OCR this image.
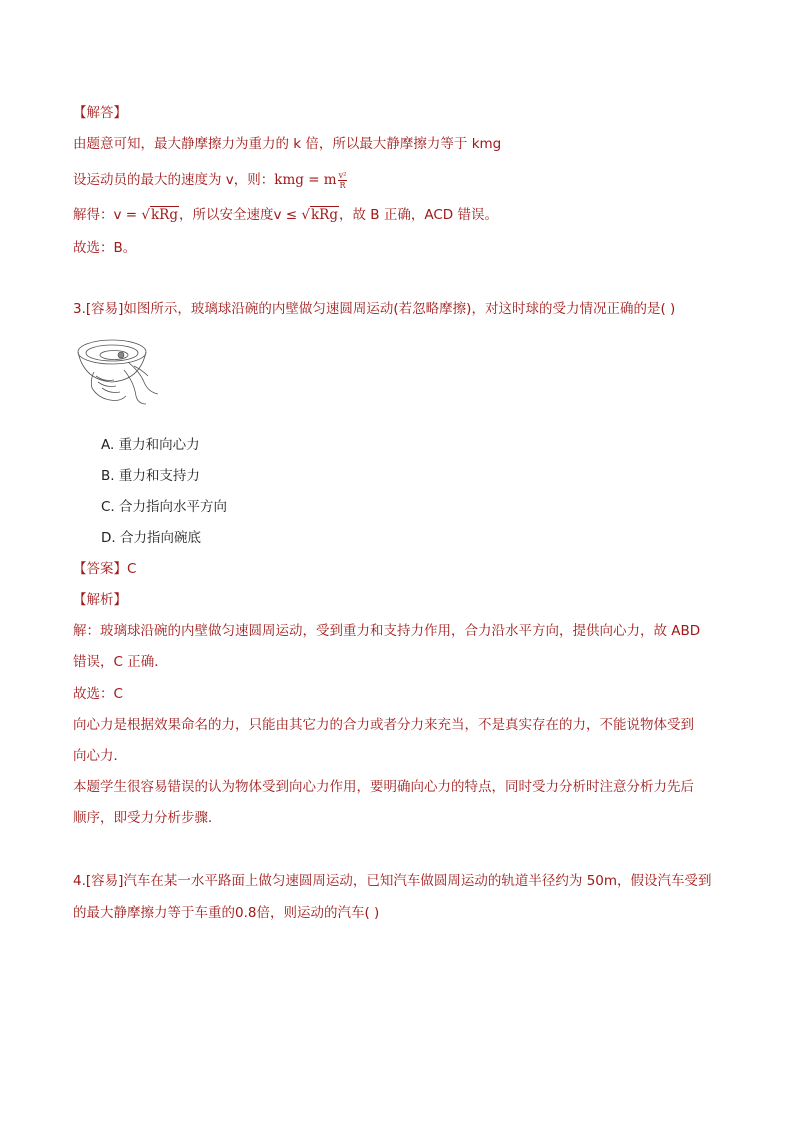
【解答】
由题意可知，最大静摩擦力为重力的 k 倍，所以最大静摩擦力等于 kmg
设运动员的最大的速度为 v，则：kmg = m $\frac{\text{v²}}{R}$
解得：v = √kRg，所以安全速度v ≤ √kRg，故 B 正确，ACD 错误。
故选：B。
3.[容易]如图所示，玻璃球沿碗的内壁做匀速圆周运动(若忽略摩擦)，对这时球的受力情况正确的是( )
A. 重力和向心力
B. 重力和支持力
C. 合力指向水平方向
D. 合力指向碗底
【答案】C
【解析】
解：玻璃球沿碗的内壁做匀速圆周运动，受到重力和支持力作用，合力沿水平方向，提供向心力，故 ABD
错误，C 正确．
故选：C
向心力是根据效果命名的力，只能由其它力的合力或者分力来充当，不是真实存在的力，不能说物体受到
向心力．
本题学生很容易错误的认为物体受到向心力作用，要明确向心力的特点，同时受力分析时注意分析力先后
顺序，即受力分析步骤．
4.[容易]汽车在某一水平路面上做匀速圆周运动，已知汽车做圆周运动的轨道半径约为 50m，假设汽车受到
的最大静摩擦力等于车重的0.8倍，则运动的汽车( )
